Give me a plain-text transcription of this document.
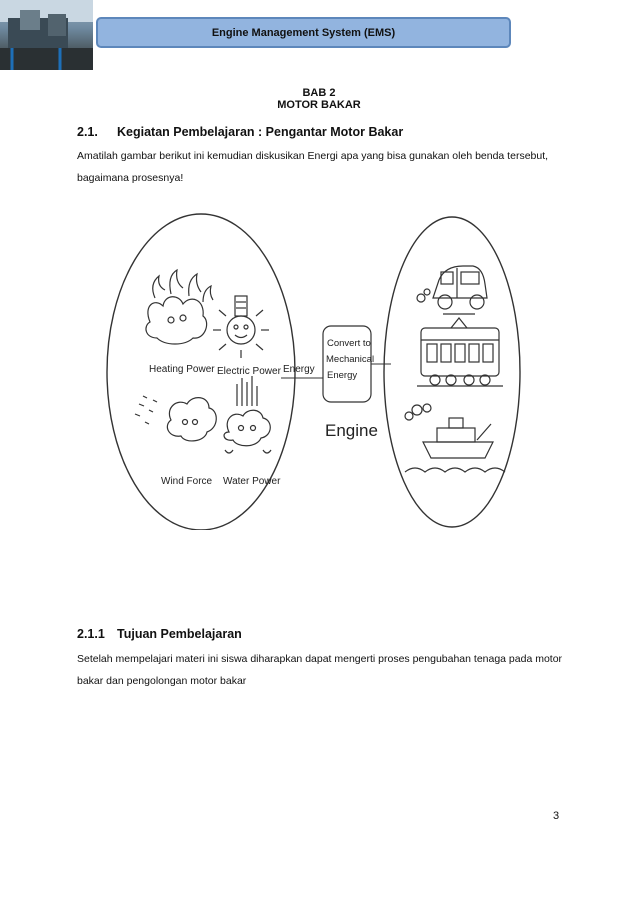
Engine Management System (EMS)
BAB 2
MOTOR BAKAR
2.1. Kegiatan Pembelajaran : Pengantar Motor Bakar
Amatilah gambar berikut ini kemudian diskusikan Energi apa yang bisa gunakan oleh benda tersebut, bagaimana prosesnya!
Heating Power Electric Power
Wind Force Water Power
Energy
Convert to
Mechanical
Energy
Engine
2.1.1 Tujuan Pembelajaran
Setelah mempelajari materi ini siswa diharapkan dapat mengerti proses pengubahan tenaga pada motor bakar dan pengolongan motor bakar
3
